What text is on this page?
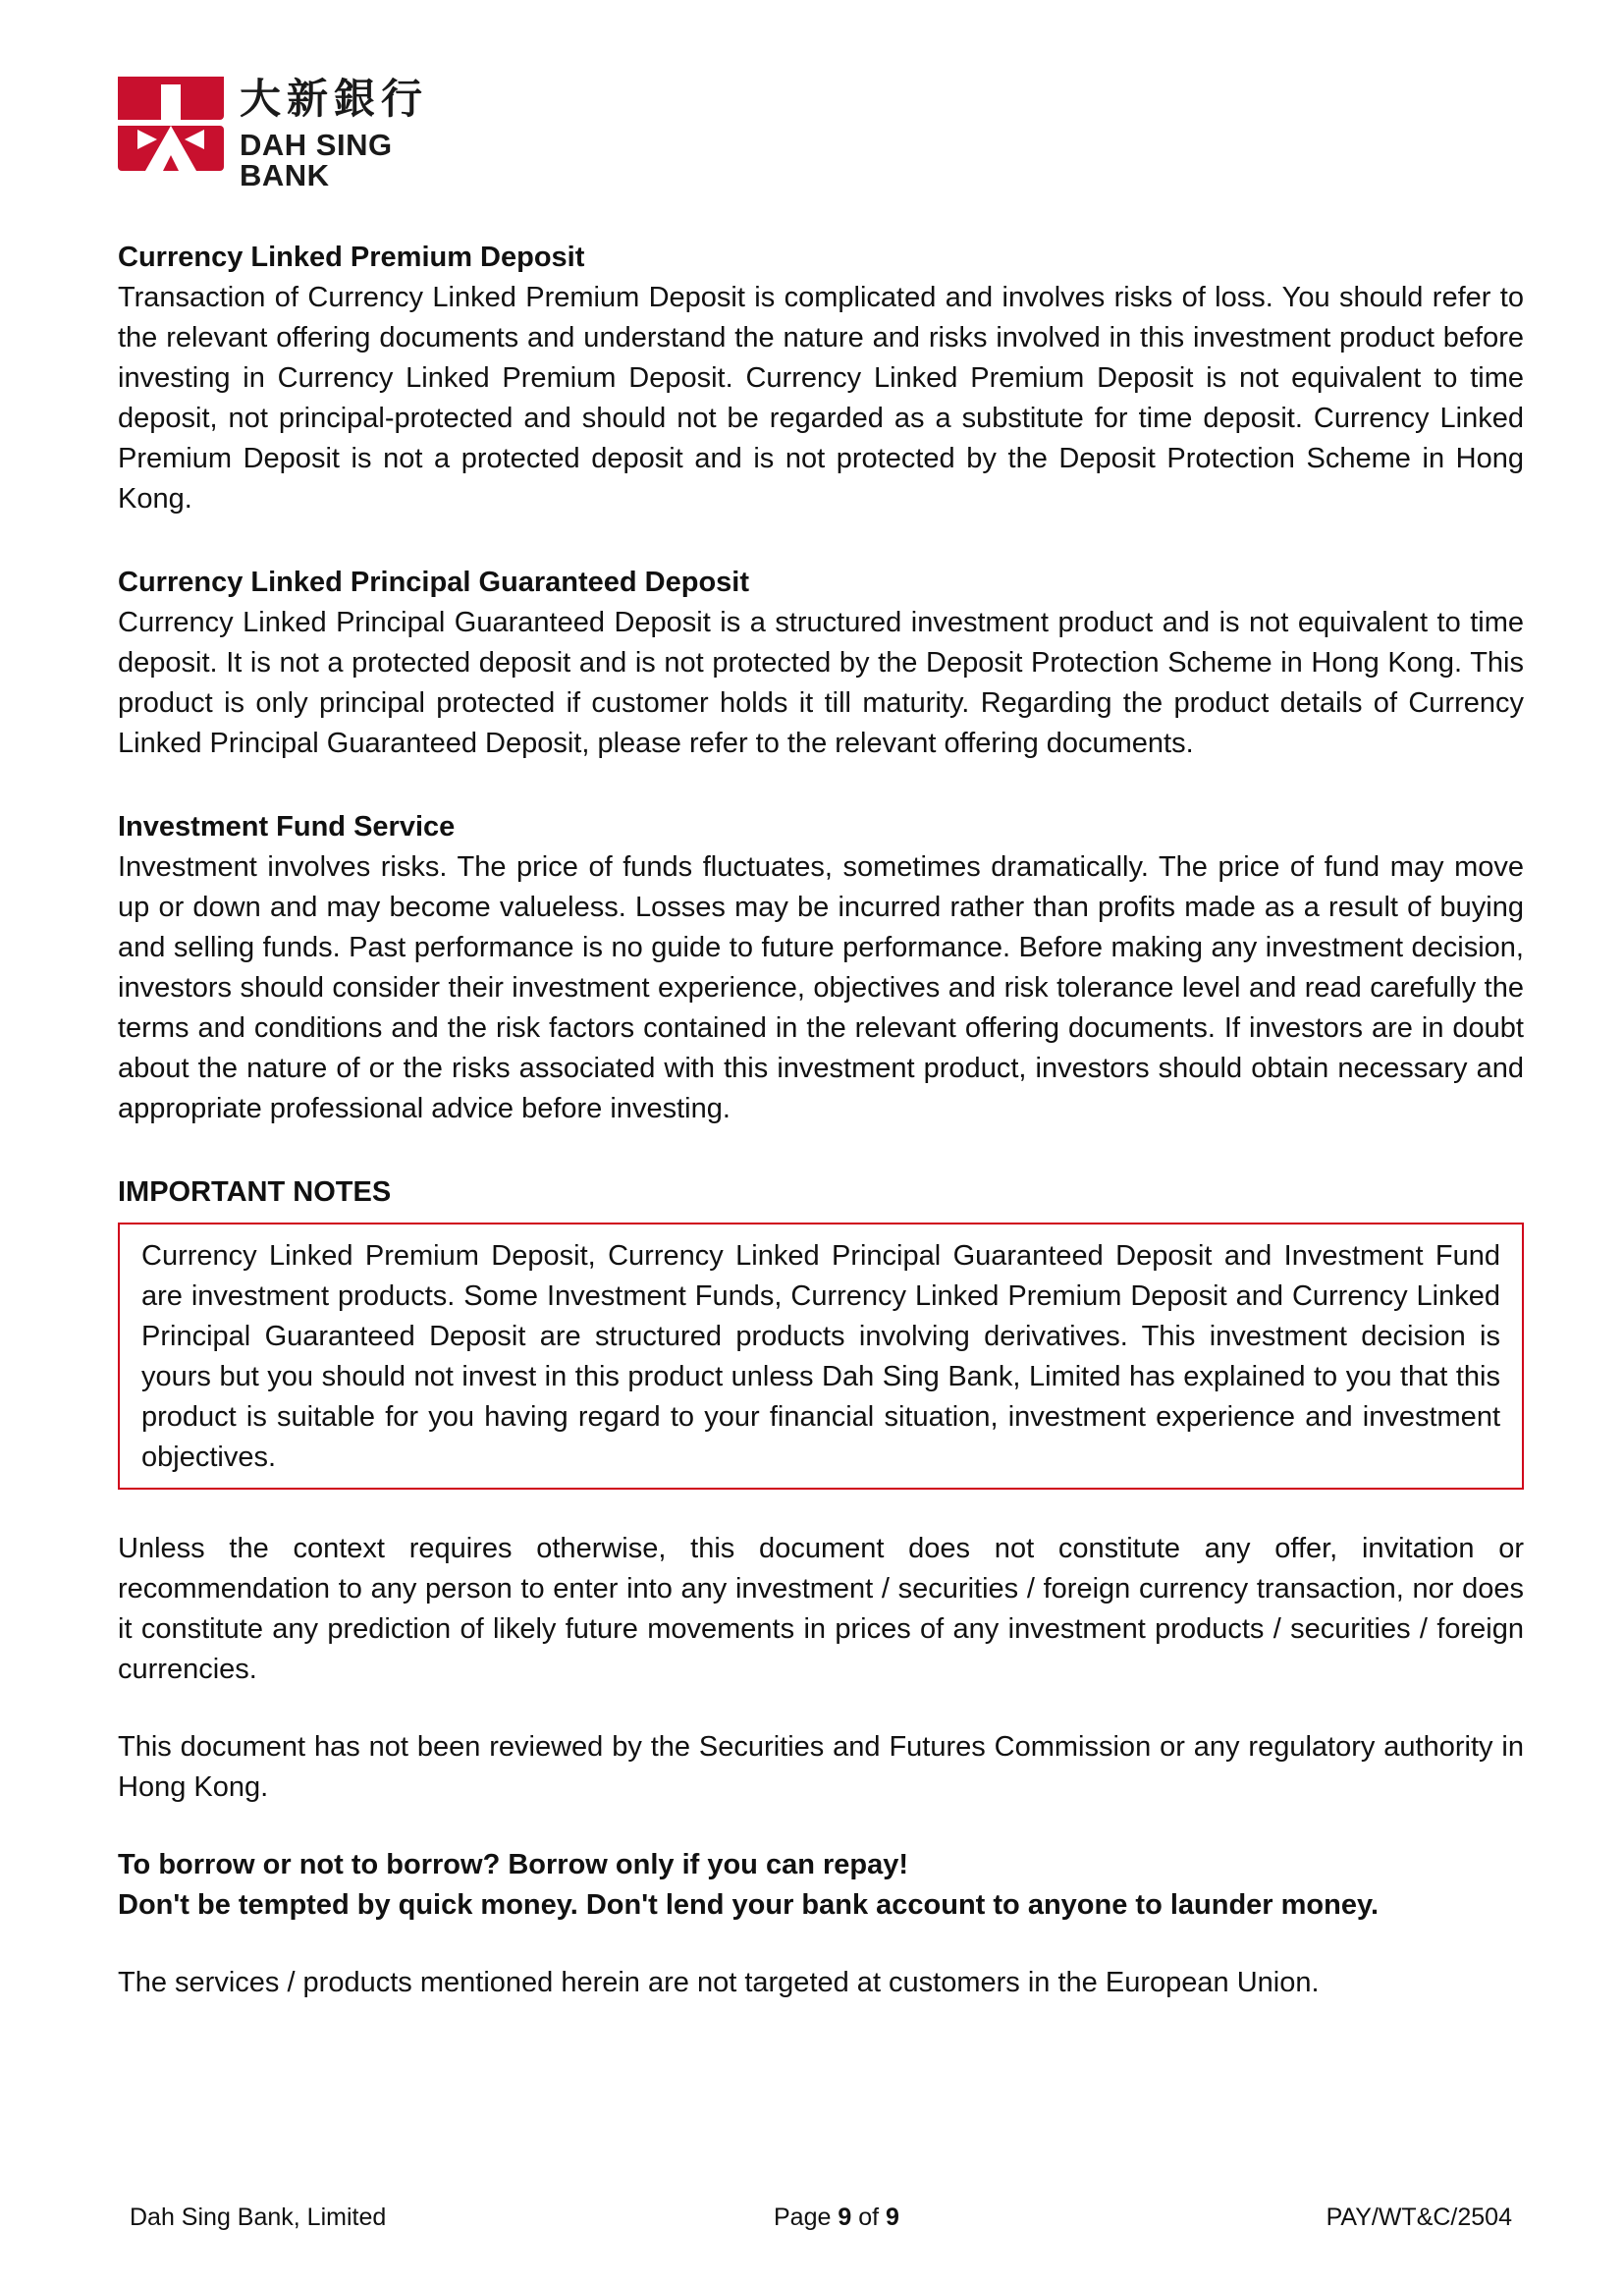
大新銀行
DAH SING BANK

Currency Linked Premium Deposit

Transaction of Currency Linked Premium Deposit is complicated and involves risks of loss. You should refer to the relevant offering documents and understand the nature and risks involved in this investment product before investing in Currency Linked Premium Deposit. Currency Linked Premium Deposit is not equivalent to time deposit, not principal-protected and should not be regarded as a substitute for time deposit. Currency Linked Premium Deposit is not a protected deposit and is not protected by the Deposit Protection Scheme in Hong Kong.

Currency Linked Principal Guaranteed Deposit

Currency Linked Principal Guaranteed Deposit is a structured investment product and is not equivalent to time deposit. It is not a protected deposit and is not protected by the Deposit Protection Scheme in Hong Kong. This product is only principal protected if customer holds it till maturity. Regarding the product details of Currency Linked Principal Guaranteed Deposit, please refer to the relevant offering documents.

Investment Fund Service

Investment involves risks. The price of funds fluctuates, sometimes dramatically. The price of fund may move up or down and may become valueless. Losses may be incurred rather than profits made as a result of buying and selling funds. Past performance is no guide to future performance. Before making any investment decision, investors should consider their investment experience, objectives and risk tolerance level and read carefully the terms and conditions and the risk factors contained in the relevant offering documents. If investors are in doubt about the nature of or the risks associated with this investment product, investors should obtain necessary and appropriate professional advice before investing.

IMPORTANT NOTES

Currency Linked Premium Deposit, Currency Linked Principal Guaranteed Deposit and Investment Fund are investment products. Some Investment Funds, Currency Linked Premium Deposit and Currency Linked Principal Guaranteed Deposit are structured products involving derivatives. This investment decision is yours but you should not invest in this product unless Dah Sing Bank, Limited has explained to you that this product is suitable for you having regard to your financial situation, investment experience and investment objectives.

Unless the context requires otherwise, this document does not constitute any offer, invitation or recommendation to any person to enter into any investment / securities / foreign currency transaction, nor does it constitute any prediction of likely future movements in prices of any investment products / securities / foreign currencies.

This document has not been reviewed by the Securities and Futures Commission or any regulatory authority in Hong Kong.

To borrow or not to borrow? Borrow only if you can repay!

Don't be tempted by quick money. Don't lend your bank account to anyone to launder money.

The services / products mentioned herein are not targeted at customers in the European Union.

Dah Sing Bank, Limited	Page 9 of 9	PAY/WT&C/2504
